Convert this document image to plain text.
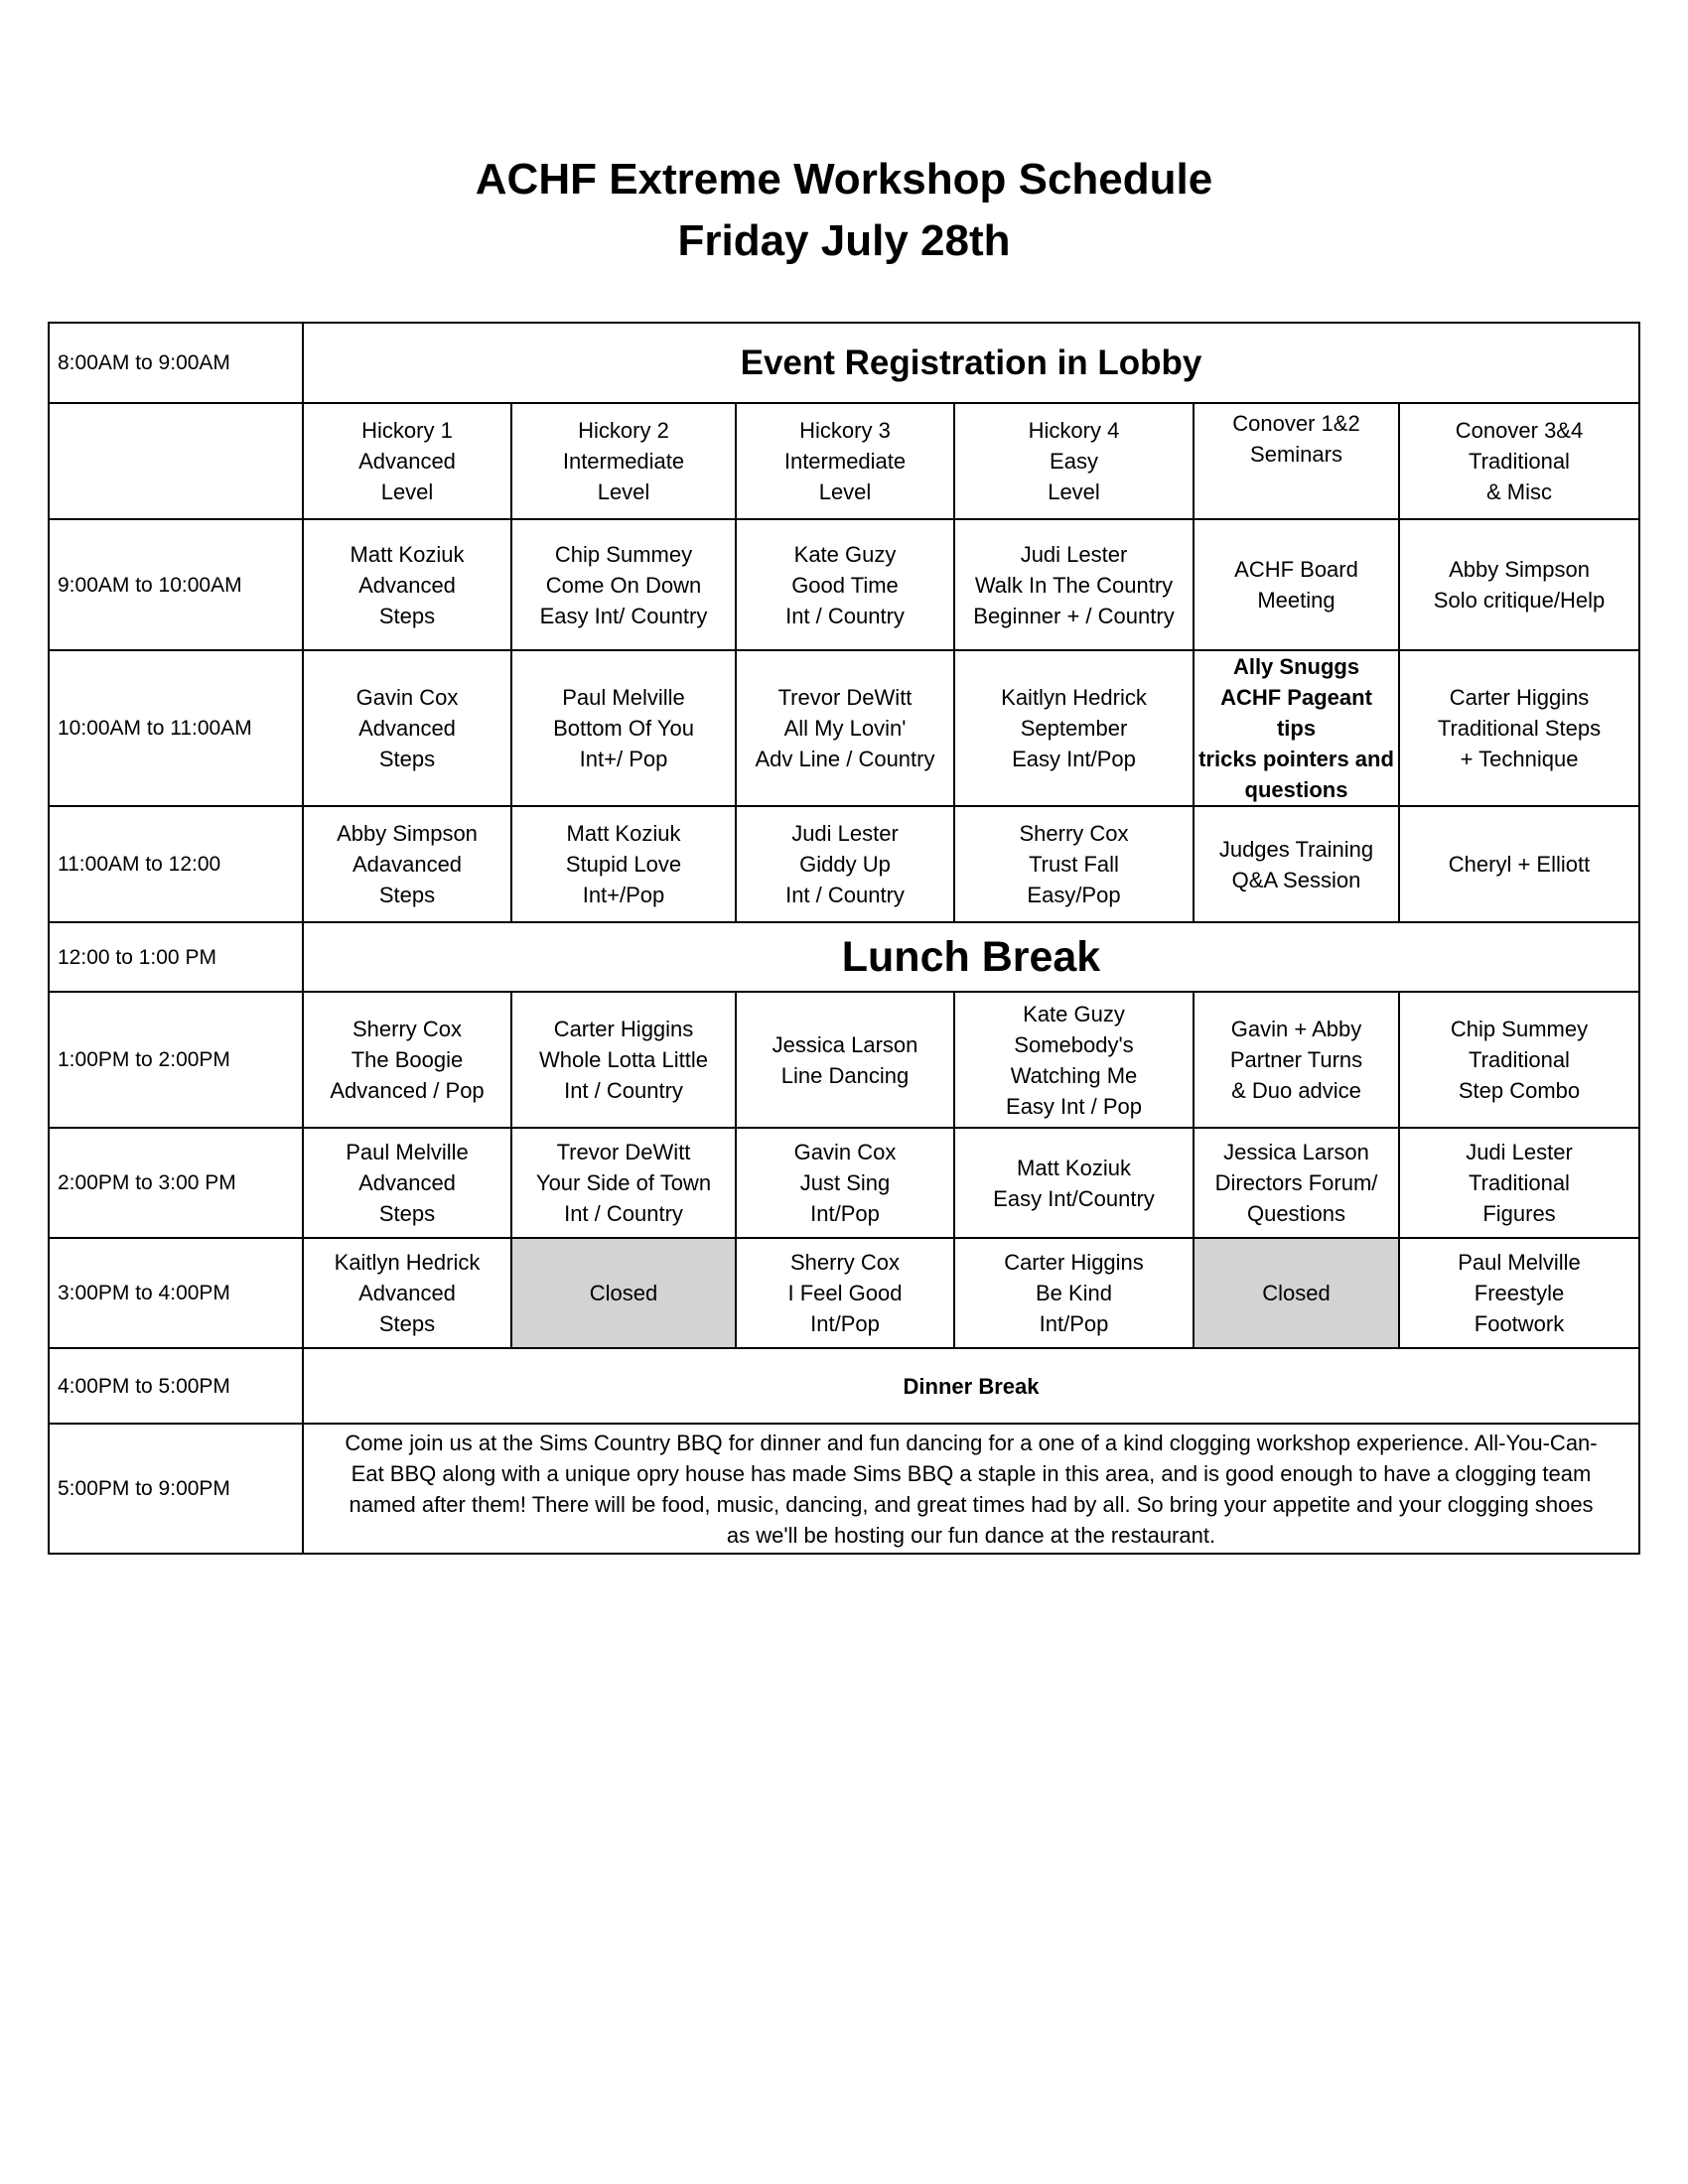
ACHF Extreme Workshop Schedule
Friday July 28th
8:00AM to 9:00AM	Event Registration in Lobby					

	Hickory 1
Advanced
Level	Hickory 2
Intermediate
Level	Hickory 3
Intermediate
Level	Hickory 4
Easy
Level	Conover 1&2
Seminars	Conover 3&4
Traditional
& Misc

9:00AM to 10:00AM	Matt Koziuk
Advanced
Steps	Chip Summey
Come On Down
Easy Int/ Country	Kate Guzy
Good Time
Int / Country	Judi Lester
Walk In The Country
Beginner + / Country	ACHF Board
Meeting	Abby Simpson
Solo critique/Help

10:00AM to 11:00AM	Gavin Cox
Advanced
Steps	Paul Melville
Bottom Of You
Int+/ Pop	Trevor DeWitt
All My Lovin'
Adv Line / Country	Kaitlyn Hedrick
September
Easy Int/Pop	Ally Snuggs
ACHF Pageant tips
tricks pointers and
questions	Carter Higgins
Traditional Steps
+ Technique

11:00AM to 12:00	Abby Simpson
Adavanced
Steps	Matt Koziuk
Stupid Love
Int+/Pop	Judi Lester
Giddy Up
Int / Country	Sherry Cox
Trust Fall
Easy/Pop	Judges Training
Q&A Session	Cheryl + Elliott

12:00 to 1:00 PM	Lunch Break					
1:00PM to 2:00PM	Sherry Cox
The Boogie
Advanced / Pop	Carter Higgins
Whole Lotta Little
Int / Country	Jessica Larson
Line Dancing	Kate Guzy
Somebody's
Watching Me
Easy Int / Pop	Gavin + Abby
Partner Turns
& Duo advice	Chip Summey
Traditional
Step Combo

2:00PM to 3:00 PM	Paul Melville
Advanced
Steps	Trevor DeWitt
Your Side of Town
Int / Country	Gavin Cox
Just Sing
Int/Pop	Matt Koziuk
Easy Int/Country	Jessica Larson
Directors Forum/
Questions	Judi Lester
Traditional
Figures

3:00PM to 4:00PM	Kaitlyn Hedrick
Advanced
Steps	Closed	Sherry Cox
I Feel Good
Int/Pop	Carter Higgins
Be Kind
Int/Pop	Closed	Paul Melville
Freestyle
Footwork

4:00PM to 5:00PM	Dinner Break					
5:00PM to 9:00PM	Come join us at the Sims Country BBQ for dinner and fun dancing for a one of a kind clogging workshop experience. All-You-Can-
Eat BBQ along with a unique opry house has made Sims BBQ a staple in this area, and is good enough to have a clogging team
named after them! There will be food, music, dancing, and great times had by all. So bring your appetite and your clogging shoes
as we'll be hosting our fun dance at the restaurant.					
